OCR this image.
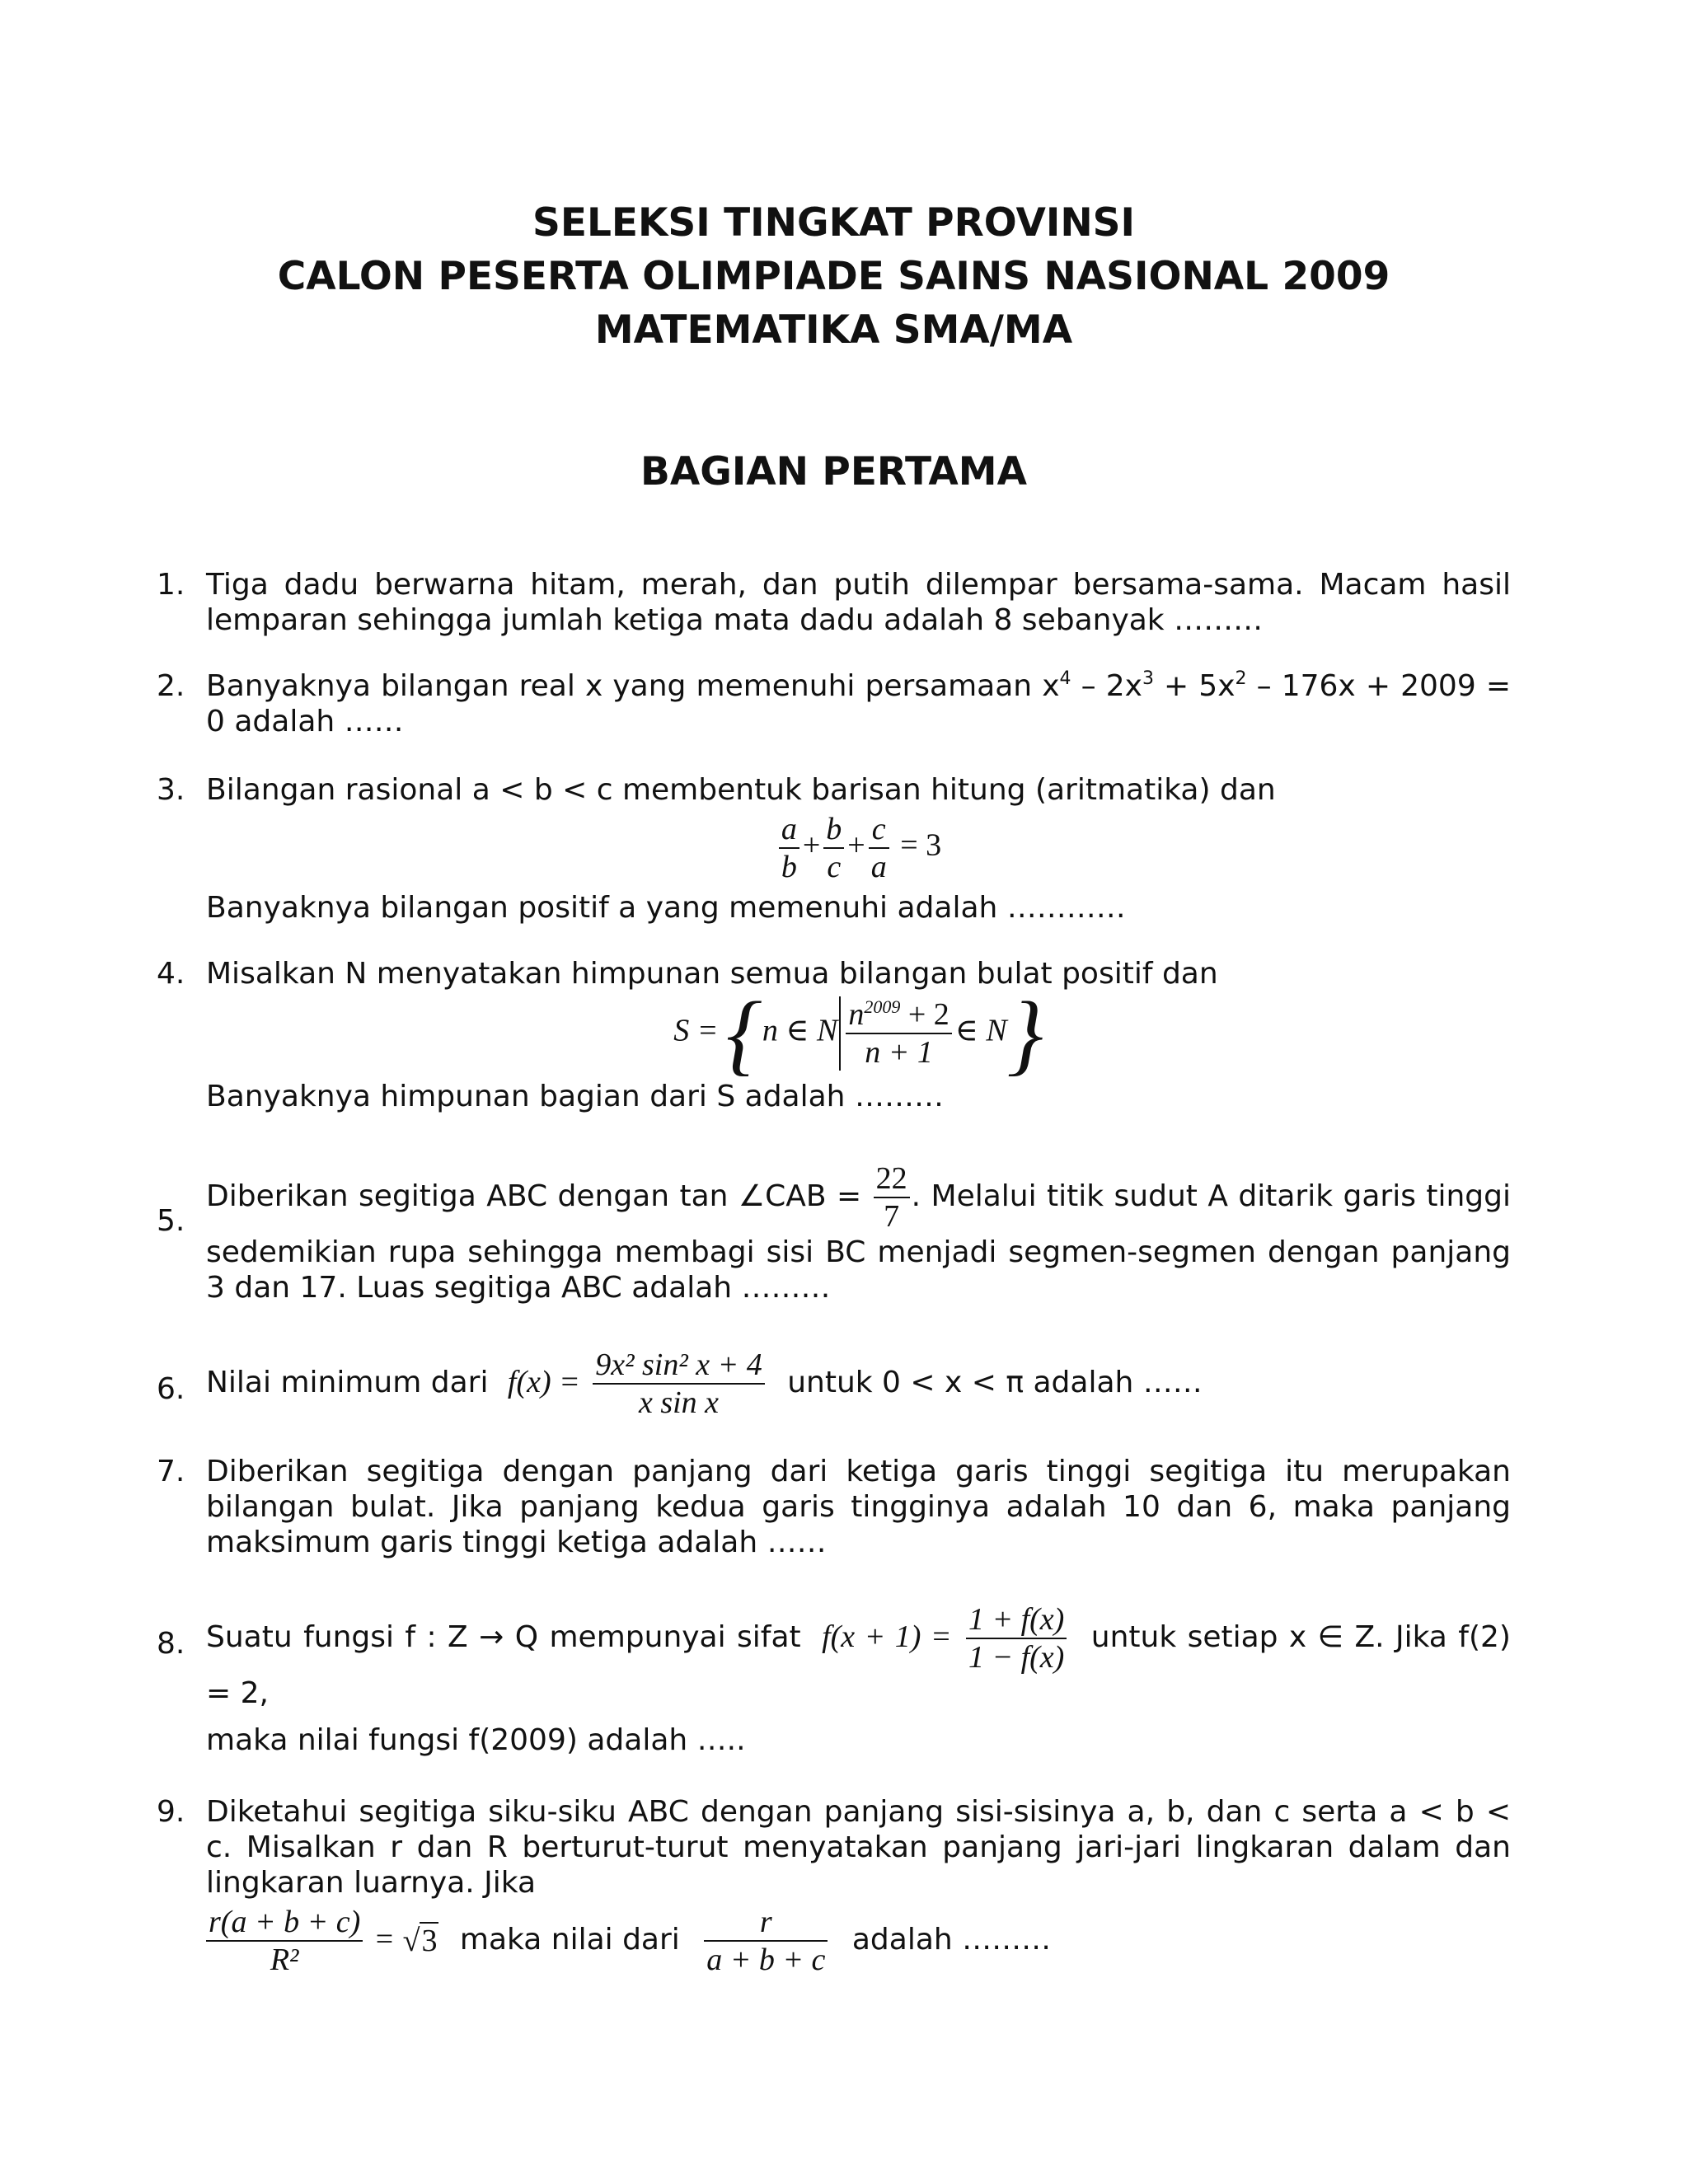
SELEKSI TINGKAT PROVINSI
CALON PESERTA OLIMPIADE SAINS NASIONAL 2009
MATEMATIKA SMA/MA
BAGIAN PERTAMA
1. Tiga dadu berwarna hitam, merah, dan putih dilempar bersama-sama. Macam hasil lemparan sehingga jumlah ketiga mata dadu adalah 8 sebanyak ………
2. Banyaknya bilangan real x yang memenuhi persamaan $x^4 - 2x^3 + 5x^2 - 176x + 2009 = 0$ adalah ……
3. Bilangan rasional a < b < c membentuk barisan hitung (aritmatika) dan
$\frac{a}{b} + \frac{b}{c} + \frac{c}{a} = 3$
Banyaknya bilangan positif a yang memenuhi adalah …………
4. Misalkan N menyatakan himpunan semua bilangan bulat positif dan
S = {n ∈ N $\frac{n^{2009} + 2}{n + 1}$ ∈ N}
Banyaknya himpunan bagian dari S adalah ………
5.
Diberikan segitiga ABC dengan tan ∠CAB = $\frac{22}{7}$ . Melalui titik sudut A ditarik garis tinggi sedemikian rupa sehingga membagi sisi BC menjadi segmen-segmen dengan panjang 3 dan 17. Luas segitiga ABC adalah ………
6. Nilai minimum dari $f(x) = \frac{\text{9x² sin² x + 4}}{\text{x sin x}}$ untuk 0 < x < π adalah ……
7. Diberikan segitiga dengan panjang dari ketiga garis tinggi segitiga itu merupakan bilangan bulat. Jika panjang kedua garis tingginya adalah 10 dan 6, maka panjang maksimum garis tinggi ketiga adalah ……
8. Suatu fungsi f : Z → Q mempunyai sifat $f(x + 1) = \frac{1 + f(x)}{1 - f(x)}$ untuk setiap x ∈ Z. Jika f(2) = 2,
maka nilai fungsi f(2009) adalah …..
9. Diketahui segitiga siku-siku ABC dengan panjang sisi-sisinya a, b, dan c serta a < b < c. Misalkan r dan R berturut-turut menyatakan panjang jari-jari lingkaran dalam dan lingkaran luarnya. Jika
$\frac{r(a + b + c)}{\text{R²}} = √3$ maka nilai dari $\frac{r}{a + b + c}$ adalah ………
